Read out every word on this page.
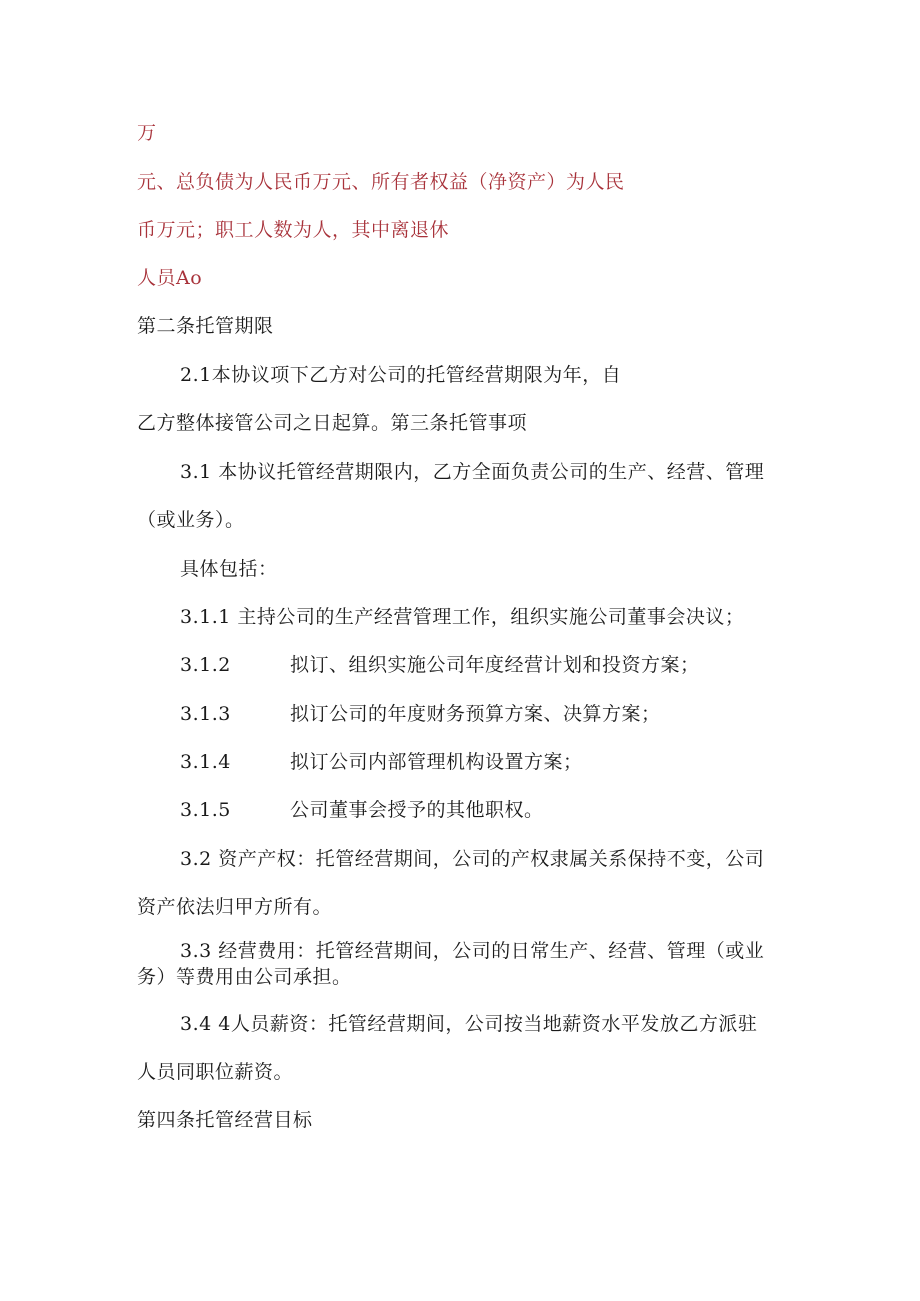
万
元、总负债为人民币万元、所有者权益（净资产）为人民
币万元；职工人数为人，其中离退休
人员Ao
第二条托管期限
2.1本协议项下乙方对公司的托管经营期限为年，自
乙方整体接管公司之日起算。第三条托管事项
3.1 本协议托管经营期限内，乙方全面负责公司的生产、经营、管理
（或业务）。
具体包括：
3.1.1 主持公司的生产经营管理工作，组织实施公司董事会决议；
3.1.2	拟订、组织实施公司年度经营计划和投资方案；
3.1.3	拟订公司的年度财务预算方案、决算方案；
3.1.4	拟订公司内部管理机构设置方案；
3.1.5	公司董事会授予的其他职权。
3.2 资产产权：托管经营期间，公司的产权隶属关系保持不变，公司
资产依法归甲方所有。
3.3 经营费用：托管经营期间，公司的日常生产、经营、管理（或业
务）等费用由公司承担。
3.4 4人员薪资：托管经营期间，公司按当地薪资水平发放乙方派驻
人员同职位薪资。
第四条托管经营目标
